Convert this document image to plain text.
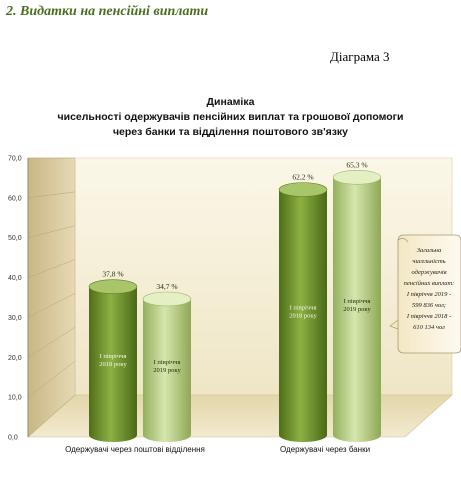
2. Видатки на пенсійні виплати
Діаграма 3
Динаміка
чисельності одержувачів пенсійних виплат та грошової допомоги
через банки та відділення поштового зв'язку
0,0
10,0
20,0
30,0
40,0
50,0
60,0
70,0
37,8 %
І півріччя
2018 року
34,7 %
І півріччя
2019 року
62,2 %
І півріччя
2018 року
65,3 %
І півріччя
2019 року
Одержувачі через поштові відділення	Одержувачі через банки
Загальна
чисельність
одержувачів
пенсійних виплат:
І півріччя 2019 -
599 836 чол;
І півріччя 2018 -
610 134 чол
